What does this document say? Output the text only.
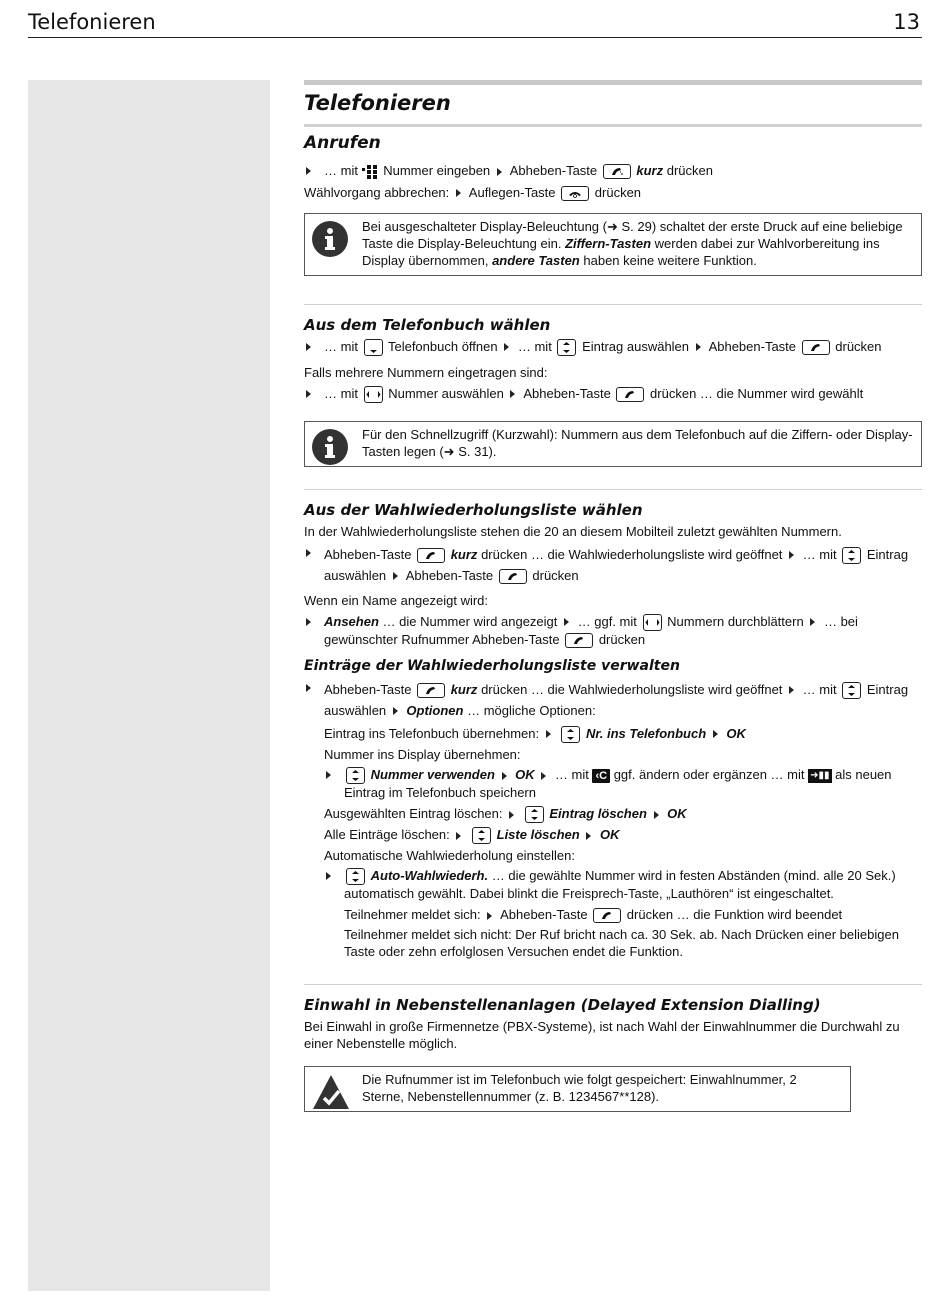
Telefonieren	13
Telefonieren
Anrufen
… mit Nummer eingeben Abheben-Taste	kurz drücken
Wählvorgang abbrechen: Auflegen-Taste	drücken
Bei ausgeschalteter Display-Beleuchtung (➜ S. 29) schaltet der erste Druck auf eine beliebige Taste die Display-Beleuchtung ein. Ziffern-Tasten werden dabei zur Wahlvorbereitung ins Display übernommen, andere Tasten haben keine weitere Funktion.
Aus dem Telefonbuch wählen
… mit Telefonbuch öffnen … mit Eintrag auswählen Abheben-Taste	drücken
Falls mehrere Nummern eingetragen sind:
… mit Nummer auswählen Abheben-Taste	drücken … die Nummer wird gewählt
Für den Schnellzugriff (Kurzwahl): Nummern aus dem Telefonbuch auf die Ziffern- oder Display-Tasten legen (➜ S. 31).
Aus der Wahlwiederholungsliste wählen
In der Wahlwiederholungsliste stehen die 20 an diesem Mobilteil zuletzt gewählten Nummern.
Abheben-Taste	kurz drücken … die Wahlwiederholungsliste wird geöffnet … mit Eintrag auswählen Abheben-Taste	drücken
Wenn ein Name angezeigt wird:
Ansehen … die Nummer wird angezeigt … ggf. mit Nummern durchblättern … bei gewünschter Rufnummer Abheben-Taste	drücken
Einträge der Wahlwiederholungsliste verwalten
Abheben-Taste	kurz drücken … die Wahlwiederholungsliste wird geöffnet … mit Eintrag auswählen Optionen … mögliche Optionen:
Eintrag ins Telefonbuch übernehmen:	Nr. ins Telefonbuch OK
Nummer ins Display übernehmen:
Nummer verwenden OK … mit ‹C ggf. ändern oder ergänzen … mit ➜▮▮ als neuen Eintrag im Telefonbuch speichern
Ausgewählten Eintrag löschen:	Eintrag löschen OK
Alle Einträge löschen:	Liste löschen OK
Automatische Wahlwiederholung einstellen:
Auto-Wahlwiederh. … die gewählte Nummer wird in festen Abständen (mind. alle 20 Sek.) automatisch gewählt. Dabei blinkt die Freisprech-Taste, „Lauthören“ ist eingeschaltet.
Teilnehmer meldet sich: Abheben-Taste	drücken … die Funktion wird beendet
Teilnehmer meldet sich nicht: Der Ruf bricht nach ca. 30 Sek. ab. Nach Drücken einer beliebigen Taste oder zehn erfolglosen Versuchen endet die Funktion.
Einwahl in Nebenstellenanlagen (Delayed Extension Dialling)
Bei Einwahl in große Firmennetze (PBX-Systeme), ist nach Wahl der Einwahlnummer die Durchwahl zu einer Nebenstelle möglich.
Die Rufnummer ist im Telefonbuch wie folgt gespeichert: Einwahlnummer, 2 Sterne, Nebenstellennummer (z. B. 1234567**128).
